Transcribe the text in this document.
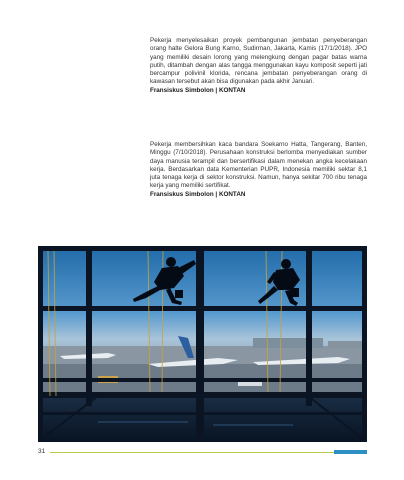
Pekerja menyelesaikan proyek pembangunan jembatan penyeberangan orang halte Gelora Bung Karno, Sudirman, Jakarta, Kamis (17/1/2018). JPO yang memiliki desain lorong yang melengkung dengan pagar batas warna putih, ditambah dengan alas tangga menggunakan kayu komposit seperti jati bercampur polivinil klorida, rencana jembatan penyeberangan orang di kawasan tersebut akan bisa digunakan pada akhir Januari.
Fransiskus Simbolon | KONTAN
Pekerja membersihkan kaca bandara Soekarno Hatta, Tangerang, Banten, Minggu (7/10/2018). Perusahaan konstruksi berlomba menyediakan sumber daya manusia terampil dan bersertifikasi dalam menekan angka kecelakaan kerja. Berdasarkan data Kementerian PUPR, Indonesia memiliki sektar 8,1 juta tenaga kerja di sektor konstruksi. Namun, hanya sekitar 700 ribu tenaga kerja yang memiliki sertifikat.
Fransiskus Simbolon | KONTAN
31
